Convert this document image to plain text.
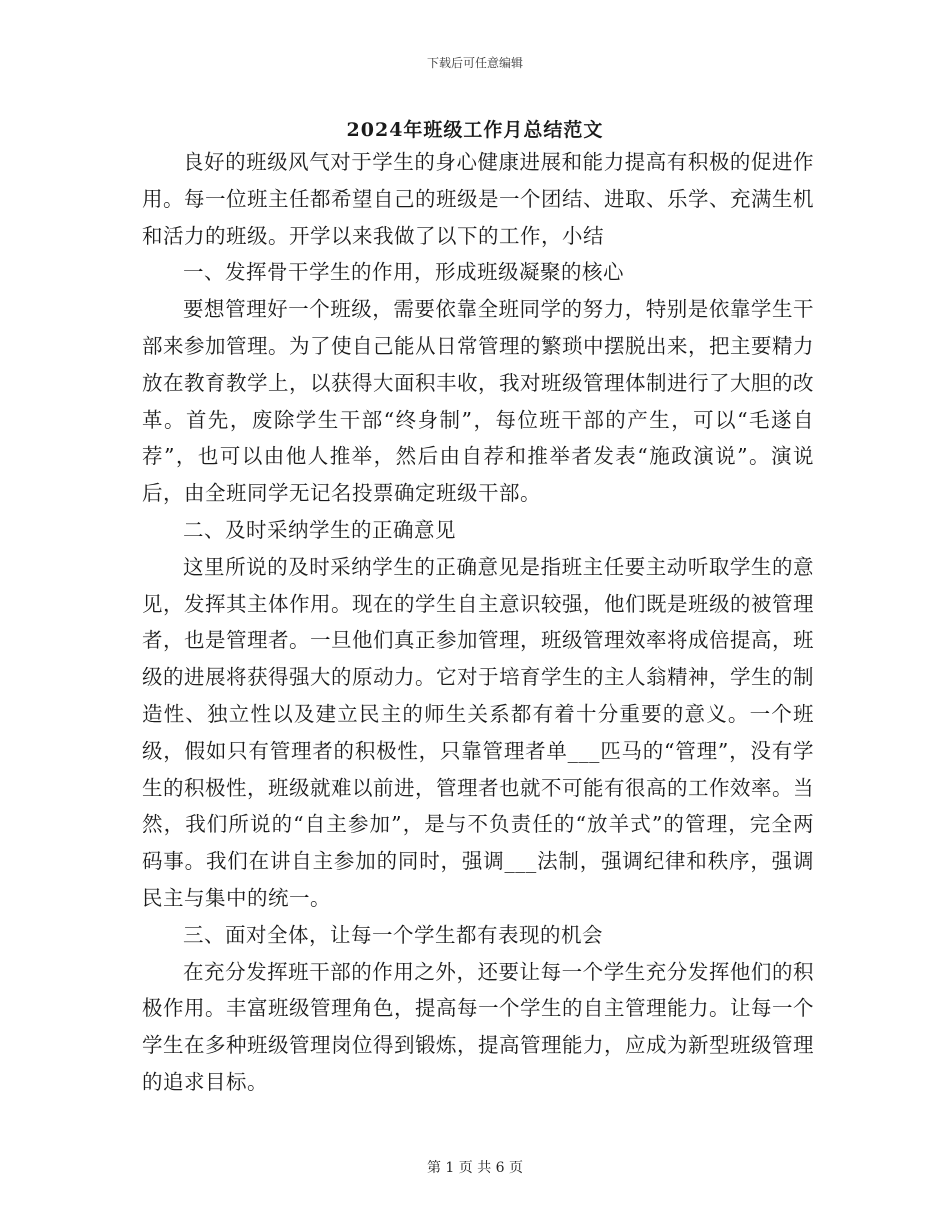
下载后可任意编辑
2024年班级工作月总结范文

良好的班级风气对于学生的身心健康进展和能力提高有积极的促进作用。每一位班主任都希望自己的班级是一个团结、进取、乐学、充满生机和活力的班级。开学以来我做了以下的工作，小结

一、发挥骨干学生的作用，形成班级凝聚的核心

要想管理好一个班级，需要依靠全班同学的努力，特别是依靠学生干部来参加管理。为了使自己能从日常管理的繁琐中摆脱出来，把主要精力放在教育教学上，以获得大面积丰收，我对班级管理体制进行了大胆的改革。首先，废除学生干部“终身制”，每位班干部的产生，可以“毛遂自荐”，也可以由他人推举，然后由自荐和推举者发表“施政演说”。演说后，由全班同学无记名投票确定班级干部。

二、及时采纳学生的正确意见

这里所说的及时采纳学生的正确意见是指班主任要主动听取学生的意见，发挥其主体作用。现在的学生自主意识较强，他们既是班级的被管理者，也是管理者。一旦他们真正参加管理，班级管理效率将成倍提高，班级的进展将获得强大的原动力。它对于培育学生的主人翁精神，学生的制造性、独立性以及建立民主的师生关系都有着十分重要的意义。一个班级，假如只有管理者的积极性，只靠管理者单___匹马的“管理”，没有学生的积极性，班级就难以前进，管理者也就不可能有很高的工作效率。当然，我们所说的“自主参加”，是与不负责任的“放羊式”的管理，完全两码事。我们在讲自主参加的同时，强调___法制，强调纪律和秩序，强调民主与集中的统一。

三、面对全体，让每一个学生都有表现的机会

在充分发挥班干部的作用之外，还要让每一个学生充分发挥他们的积极作用。丰富班级管理角色，提高每一个学生的自主管理能力。让每一个学生在多种班级管理岗位得到锻炼，提高管理能力，应成为新型班级管理的追求目标。

第 1 页 共 6 页
